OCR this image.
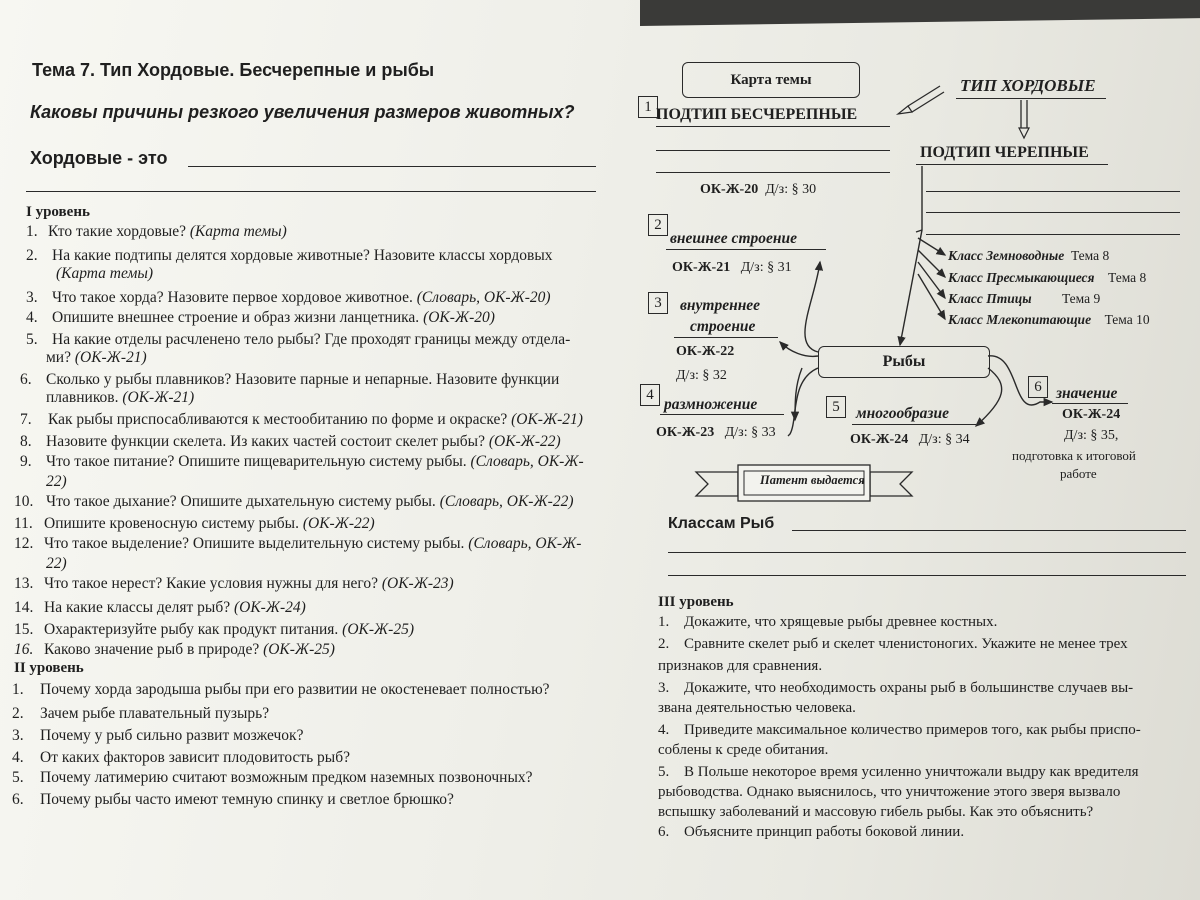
Тема 7. Тип Хордовые. Бесчерепные и рыбы
Каковы причины резкого увеличения размеров животных?
Хордовые - это
I уровень
1. Кто такие хордовые? (Карта темы)
2. На какие подтипы делятся хордовые животные? Назовите классы хордовых
(Карта темы)
3. Что такое хорда? Назовите первое хордовое животное. (Словарь, ОК-Ж-20)
4. Опишите внешнее строение и образ жизни ланцетника. (ОК-Ж-20)
5. На какие отделы расчленено тело рыбы? Где проходят границы между отдела-
ми? (ОК-Ж-21)
6. Сколько у рыбы плавников? Назовите парные и непарные. Назовите функции
плавников. (ОК-Ж-21)
7. Как рыбы приспосабливаются к местообитанию по форме и окраске? (ОК-Ж-21)
8. Назовите функции скелета. Из каких частей состоит скелет рыбы? (ОК-Ж-22)
9. Что такое питание? Опишите пищеварительную систему рыбы. (Словарь, ОК-Ж-
22)
10. Что такое дыхание? Опишите дыхательную систему рыбы. (Словарь, ОК-Ж-22)
11. Опишите кровеносную систему рыбы. (ОК-Ж-22)
12. Что такое выделение? Опишите выделительную систему рыбы. (Словарь, ОК-Ж-
22)
13. Что такое нерест? Какие условия нужны для него? (ОК-Ж-23)
14. На какие классы делят рыб? (ОК-Ж-24)
15. Охарактеризуйте рыбу как продукт питания. (ОК-Ж-25)
16. Каково значение рыб в природе? (ОК-Ж-25)
II уровень
1. Почему хорда зародыша рыбы при его развитии не окостеневает полностью?
2. Зачем рыбе плавательный пузырь?
3. Почему у рыб сильно развит мозжечок?
4. От каких факторов зависит плодовитость рыб?
5. Почему латимерию считают возможным предком наземных позвоночных?
6. Почему рыбы часто имеют темную спинку и светлое брюшко?
Карта темы	ТИП ХОРДОВЫЕ
1 ПОДТИП БЕСЧЕРЕПНЫЕ
ОК-Ж-20 Д/з: § 30
ПОДТИП ЧЕРЕПНЫЕ
Класс Земноводные Тема 8
Класс Пресмыкающиеся Тема 8
Класс Птицы Тема 9
Класс Млекопитающие Тема 10
Рыбы
2
внешнее строение
ОК-Ж-21 Д/з: § 31
3	внутреннее
строение
ОК-Ж-22
Д/з: § 32
4
размножение
ОК-Ж-23 Д/з: § 33
5	многообразие
ОК-Ж-24 Д/з: § 34
6 значение
ОК-Ж-24
Д/з: § 35,
подготовка к итоговой
работе
Патент выдается
Классам Рыб
III уровень
1. Докажите, что хрящевые рыбы древнее костных.
2. Сравните скелет рыб и скелет членистоногих. Укажите не менее трех
признаков для сравнения.
3. Докажите, что необходимость охраны рыб в большинстве случаев вы-
звана деятельностью человека.
4. Приведите максимальное количество примеров того, как рыбы приспо-
соблены к среде обитания.
5. В Польше некоторое время усиленно уничтожали выдру как вредителя
рыбоводства. Однако выяснилось, что уничтожение этого зверя вызвало
вспышку заболеваний и массовую гибель рыбы. Как это объяснить?
6. Объясните принцип работы боковой линии.
